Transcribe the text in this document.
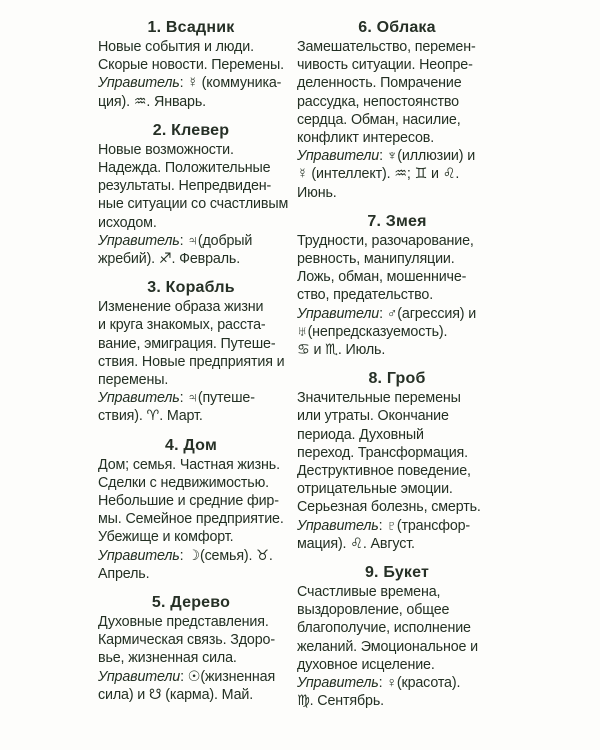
1. Всадник
Новые события и люди.
Скорые новости. Перемены.
Управитель: ☿ (коммуника-
ция). ♒. Январь.
2. Клевер
Новые возможности.
Надежда. Положительные
результаты. Непредвиден-
ные ситуации со счастливым
исходом.
Управитель: ♃(добрый
жребий). ♐. Февраль.
3. Корабль
Изменение образа жизни
и круга знакомых, расста-
вание, эмиграция. Путеше-
ствия. Новые предприятия и
перемены.
Управитель: ♃(путеше-
ствия). ♈. Март.
4. Дом
Дом; семья. Частная жизнь.
Сделки с недвижимостью.
Небольшие и средние фир-
мы. Семейное предприятие.
Убежище и комфорт.
Управитель: ☽(семья). ♉.
Апрель.
5. Дерево
Духовные представления.
Кармическая связь. Здоро-
вье, жизненная сила.
Управители: ☉(жизненная
сила) и ☋ (карма). Май.
6. Облака
Замешательство, перемен-
чивость ситуации. Неопре-
деленность. Помрачение
рассудка, непостоянство
сердца. Обман, насилие,
конфликт интересов.
Управители: ♆(иллюзии) и
☿ (интеллект). ♒; ♊ и ♌.
Июнь.
7. Змея
Трудности, разочарование,
ревность, манипуляции.
Ложь, обман, мошенниче-
ство, предательство.
Управители: ♂(агрессия) и
♅(непредсказуемость).
♋ и ♏. Июль.
8. Гроб
Значительные перемены
или утраты. Окончание
периода. Духовный
переход. Трансформация.
Деструктивное поведение,
отрицательные эмоции.
Серьезная болезнь, смерть.
Управитель: ♇(трансфор-
мация). ♌. Август.
9. Букет
Счастливые времена,
выздоровление, общее
благополучие, исполнение
желаний. Эмоциональное и
духовное исцеление.
Управитель: ♀(красота).
♍. Сентябрь.
